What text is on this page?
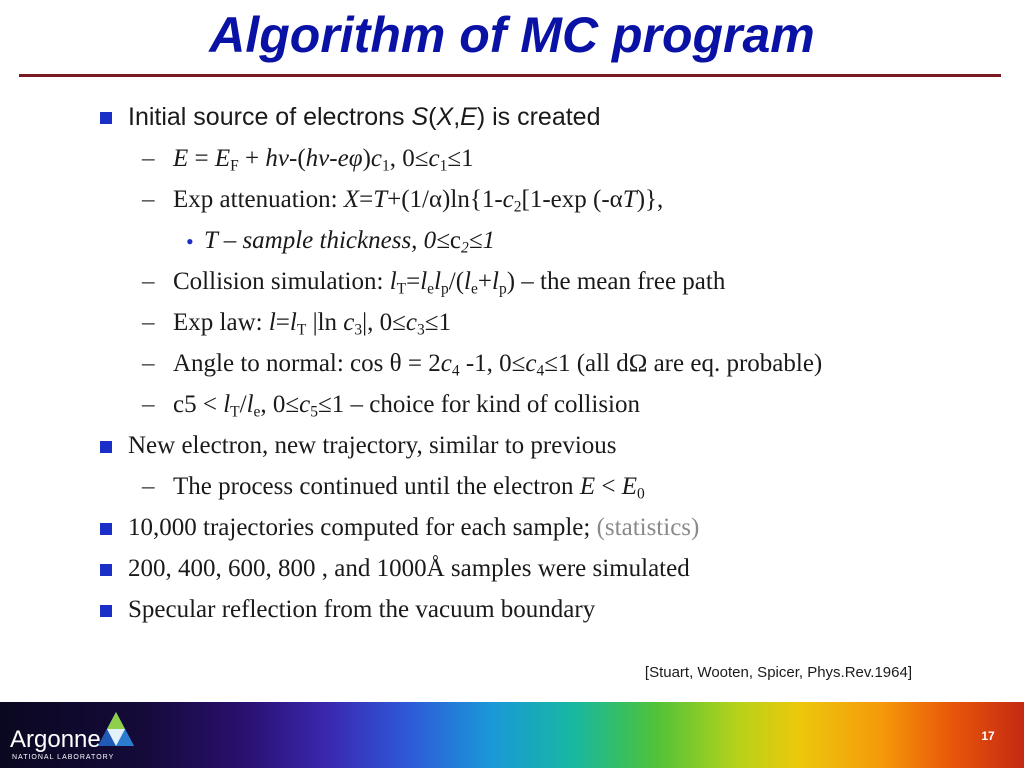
Algorithm of MC program
Initial source of electrons S(X,E) is created
– $E = E_F + h\nu-(h\nu-e\varphi)c_1$, $0\le c_1\le 1$
– Exp attenuation: $X=T+(1/\alpha)\ln\{1-c_2[1-\exp$ (-αT)},
• T – sample thickness, $0\le c_2\le 1$
– Collision simulation: $l_T=l_el_p/(l_e+l_p)$ – the mean free path
– Exp law: $l=l_T$ |ln $c_3|$, $0\le c_3\le 1$
– Angle to normal: $\cos \theta = 2c_4$ -1, $0\le c_4\le 1$ (all dΩ are eq. probable)
– $c5 < l_T/l_e$, $0\le c_5\le 1$ – choice for kind of collision
New electron, new trajectory, similar to previous
– The process continued until the electron $E < E_0$
10,000 trajectories computed for each sample; (statistics)
200, 400, 600, 800 , and 1000Å samples were simulated
Specular reflection from the vacuum boundary
[Stuart, Wooten, Spicer, Phys.Rev.1964]
Argonne
NATIONAL LABORATORY
17
